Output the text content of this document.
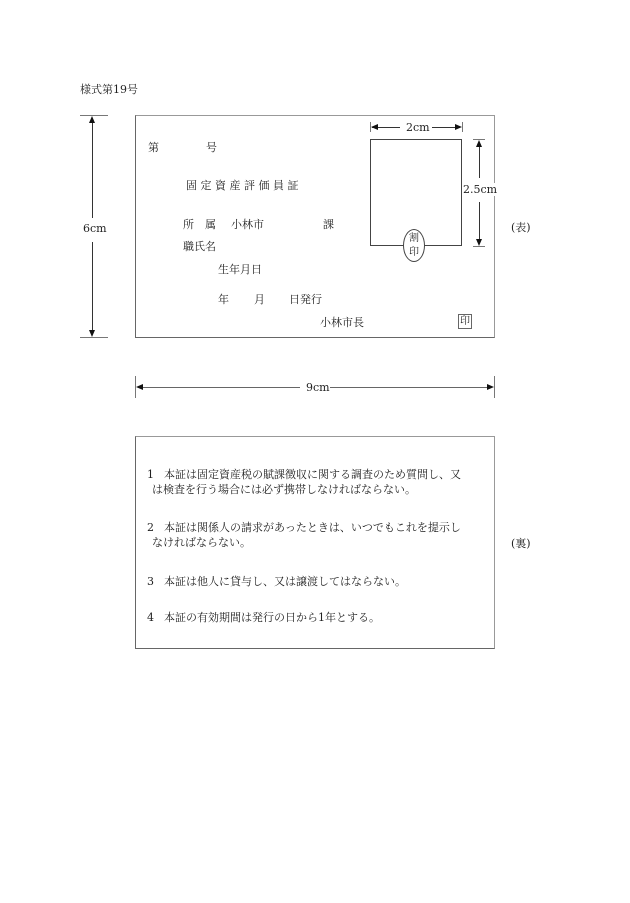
様式第19号
6cm
第	号
固 定 資 産 評 価 員 証
所　属 小林市	課
職氏名
生年月日
年 月 日発行
小林市長	印
2cm
割
印
2.5cm
(表)
9cm
1 本証は固定資産税の賦課徴収に関する調査のため質問し、又
は検査を行う場合には必ず携帯しなければならない。
2 本証は関係人の請求があったときは、いつでもこれを提示し
なければならない。
3 本証は他人に貸与し、又は譲渡してはならない。
4 本証の有効期間は発行の日から1年とする。
(裏)
